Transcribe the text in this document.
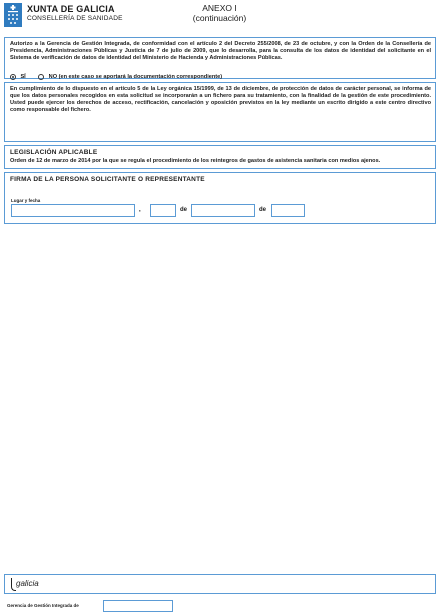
XUNTA DE GALICIA
CONSELLERÍA DE SANIDADE
ANEXO I
(continuación)
Autorizo a la Gerencia de Gestión Integrada, de conformidad con el artículo 2 del Decreto 255/2008, de 23 de octubre, y con la Orden de la Consellería de Presidencia, Administraciones Públicas y Justicia de 7 de julio de 2009, que lo desarrolla, para la consulta de los datos de identidad del solicitante en el Sistema de verificación de datos de identidad del Ministerio de Hacienda y Administraciones Públicas.
SÍ	NO (en este caso se aportará la documentación correspondiente)
En cumplimiento de lo dispuesto en el artículo 5 de la Ley orgánica 15/1999, de 13 de diciembre, de protección de datos de carácter personal, se informa de que los datos personales recogidos en esta solicitud se incorporarán a un fichero para su tratamiento, con la finalidad de la gestión de este procedimiento. Usted puede ejercer los derechos de acceso, rectificación, cancelación y oposición previstos en la ley mediante un escrito dirigido a este centro directivo como responsable del fichero.
LEGISLACIÓN APLICABLE
Orden de 12 de marzo de 2014 por la que se regula el procedimiento de los reintegros de gastos de asistencia sanitaria con medios ajenos.
FIRMA DE LA PERSONA SOLICITANTE O REPRESENTANTE
Lugar y fecha
,	de	de
galicia
Gerencia de Gestión Integrada de
